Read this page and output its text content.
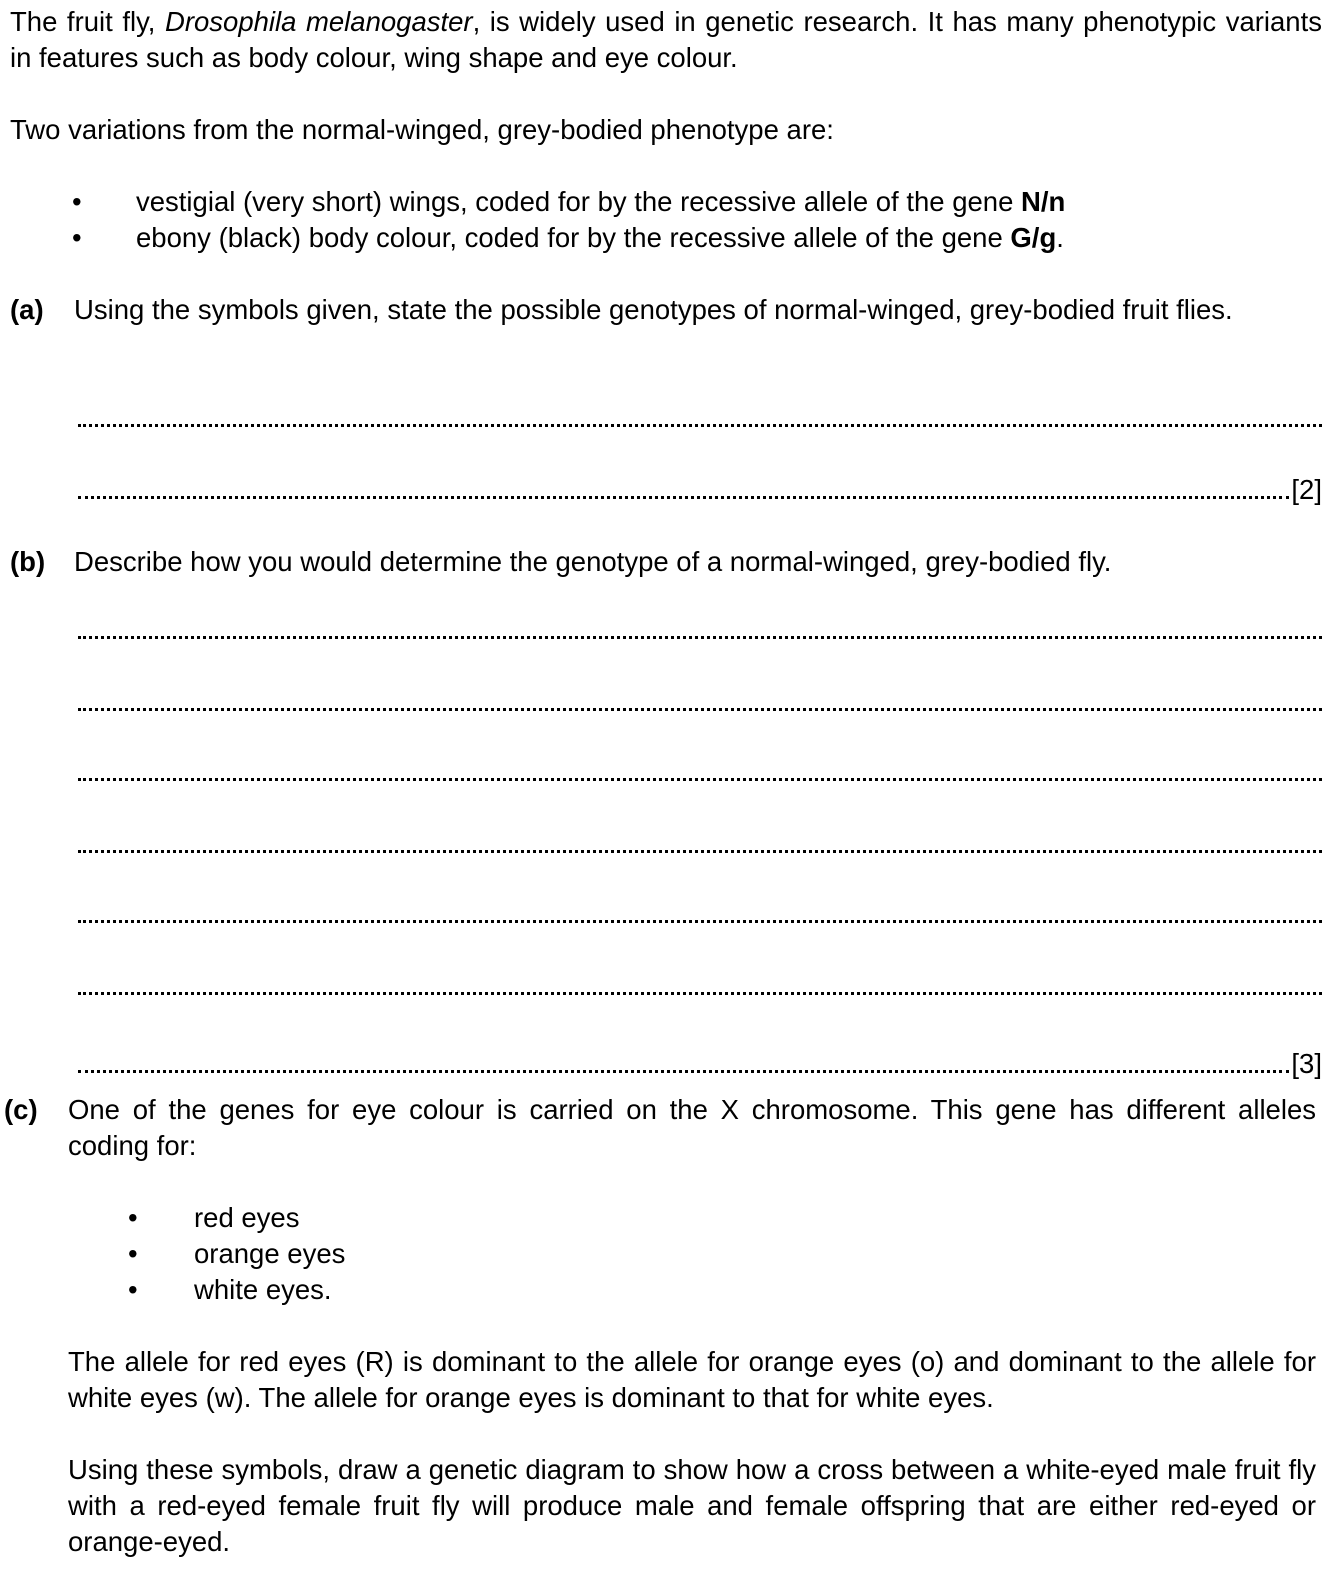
The fruit fly, Drosophila melanogaster, is widely used in genetic research. It has many phenotypic variants in features such as body colour, wing shape and eye colour.
Two variations from the normal-winged, grey-bodied phenotype are:
• vestigial (very short) wings, coded for by the recessive allele of the gene N/n
• ebony (black) body colour, coded for by the recessive allele of the gene G/g.
(a) Using the symbols given, state the possible genotypes of normal-winged, grey-bodied fruit flies.
[2]
(b) Describe how you would determine the genotype of a normal-winged, grey-bodied fly.
[3]
(c) One of the genes for eye colour is carried on the X chromosome. This gene has different alleles coding for:
• red eyes
• orange eyes
• white eyes.
The allele for red eyes (R) is dominant to the allele for orange eyes (o) and dominant to the allele for white eyes (w). The allele for orange eyes is dominant to that for white eyes.
Using these symbols, draw a genetic diagram to show how a cross between a white-eyed male fruit fly with a red-eyed female fruit fly will produce male and female offspring that are either red-eyed or orange-eyed.
